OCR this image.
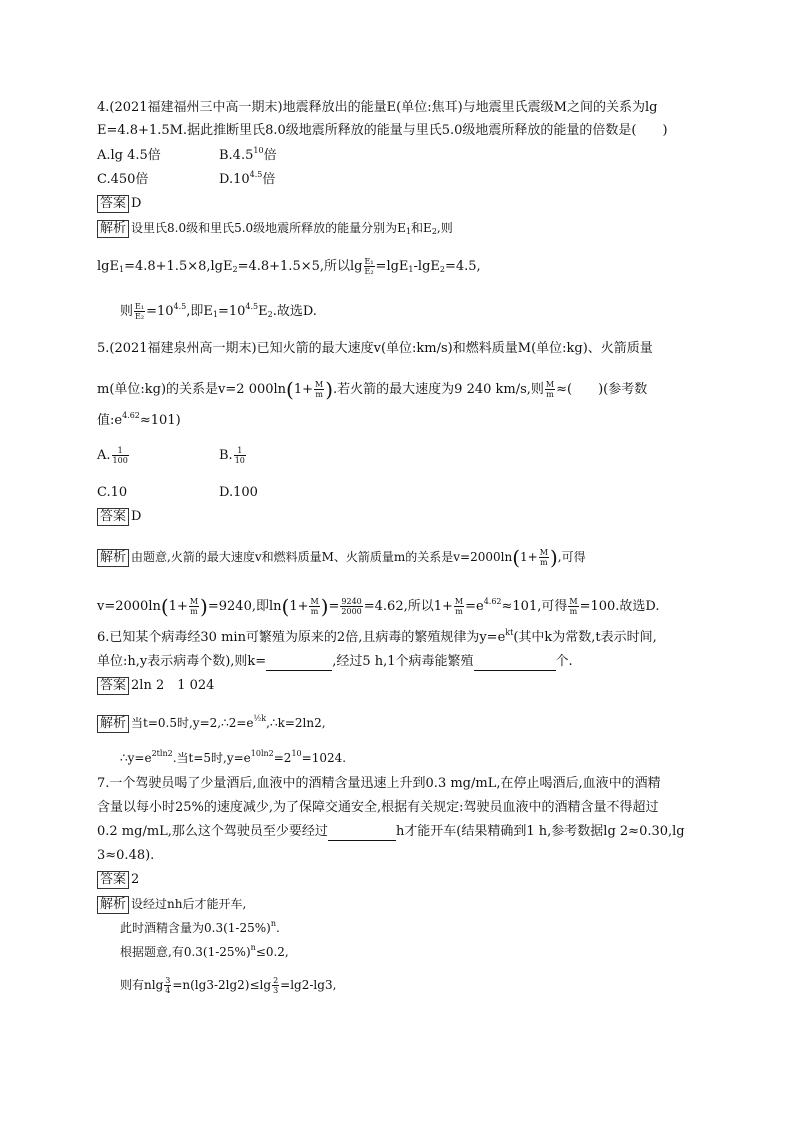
4.(2021福建福州三中高一期末)地震释放出的能量E(单位:焦耳)与地震里氏震级M之间的关系为lg
E=4.8+1.5M.据此推断里氏8.0级地震所释放的能量与里氏5.0级地震所释放的能量的倍数是(　　)
A.lg 4.5倍	B.4.5$^{10}$倍
C.450倍	$D.10^{4.5}$倍
答案 D
解析 设里氏8.0级和里氏5.0级地震所释放的能量分别为$E_1$和$E_2$,则
lgE$_1$=4.8+1.5×8,lgE$_2$=4.8+1.5×5,所以$\lg \frac{\text{E₁}}{\text{E₂}} =\lg E_1-\lg E_2=4.5$,
则 $\frac{\text{E₁}}{\text{E₂}} =10^{4.5}$,即$E_1=10^{4.5}E_2$.故选D.
5.(2021福建泉州高一期末)已知火箭的最大速度v(单位:km/s)和燃料质量M(单位:kg)、火箭质量
m(单位:kg)的关系是v=2 $000\ln(1+ \frac{M}{m}$ ).若火箭的最大速度为9 240 km/s,则 $\frac{M}{m}$ ≈(　　)(参考数
值$:e^{4.62}\approx 101$)
A. $\frac{1}{100}$	B. $\frac{1}{10}$
C.10	D.100
答案 D
解析 由题意,火箭的最大速度v和燃料质量M、火箭质量m的关系是$v=2000\ln(1+ \frac{M}{m}$ ),可得
$v=2000\ln(1+ \frac{M}{m} )=9240$,即$\ln(1+ \frac{M}{m}$ )= $\frac{9240}{2000} =4.62$,所以$1+ \frac{M}{m} =e^{4.62}\approx 101$,可得 $\frac{M}{m} =100$.故选D.
6.已知某个病毒经30 min可繁殖为原来的2倍,且病毒的繁殖规律为$y=e^{kt}$(其中k为常数,t表示时间,
单位:h,y表示病毒个数),则k=	,经过5 h,1个病毒能繁殖	个.
答案 2ln 2　1 024
解析 当t=0.5时$,y=2,\therefore 2=e^{\frac{1}{2}k},\therefore k=2\ln 2$,
$\therefore y=e^{2tln2}$.当t=5时$,y=e^{10ln2}=2^{10}=1024$.
7.一个驾驶员喝了少量酒后,血液中的酒精含量迅速上升到0.3 mg/mL,在停止喝酒后,血液中的酒精
含量以每小时25%的速度减少,为了保障交通安全,根据有关规定:驾驶员血液中的酒精含量不得超过
0.2 mg/mL,那么这个驾驶员至少要经过	h才能开车(结果精确到1 h,参考数据lg 2≈0.30,lg
3≈0.48).
答案 2
解析 设经过nh后才能开车,
此时酒精含量为$0.3(1-25\%)^n$.
根据题意,有$0.3(1-25\%)^n\le 0.2$,
则有nlg $\frac{3}{4} =n(\lg 3-2\lg 2)\le\lg \frac{2}{3} =\lg 2-\lg 3$,
